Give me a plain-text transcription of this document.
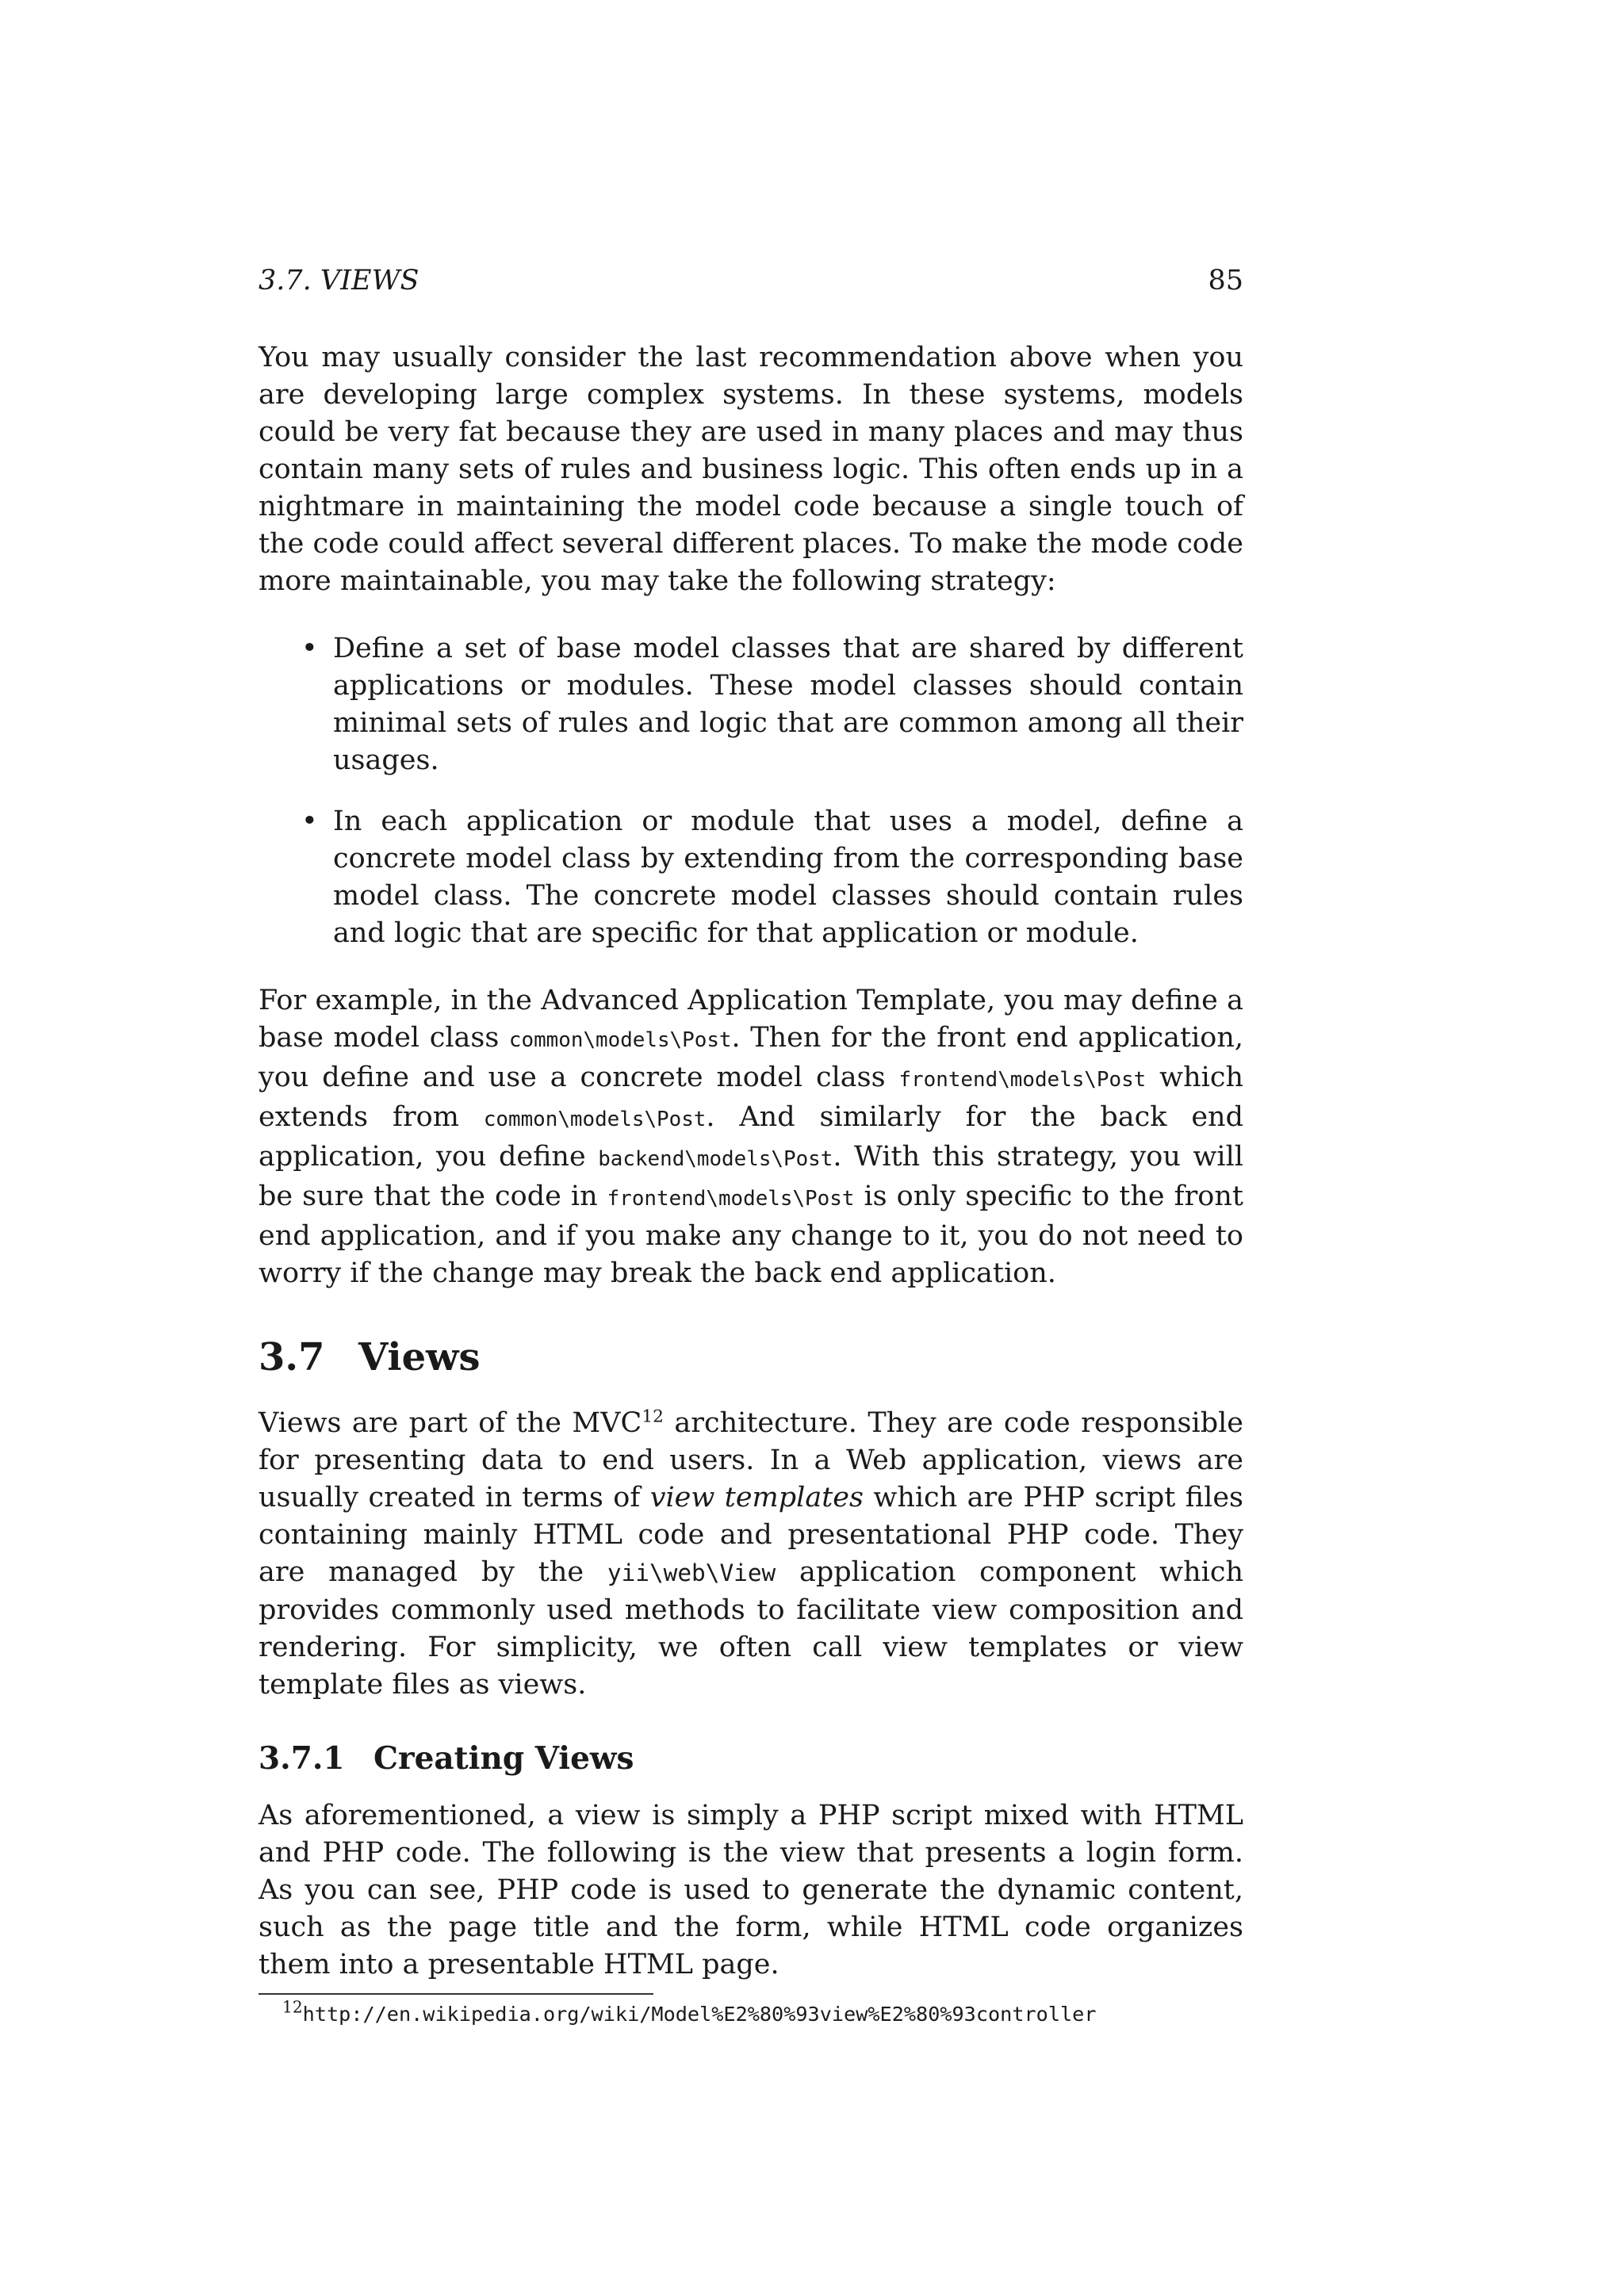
3.7. VIEWS	85

You may usually consider the last recommendation above when you are developing large complex systems. In these systems, models could be very fat because they are used in many places and may thus contain many sets of rules and business logic. This often ends up in a nightmare in maintaining the model code because a single touch of the code could affect several different places. To make the mode code more maintainable, you may take the following strategy:

• Define a set of base model classes that are shared by different applications or modules. These model classes should contain minimal sets of rules and logic that are common among all their usages.
• In each application or module that uses a model, define a concrete model class by extending from the corresponding base model class. The concrete model classes should contain rules and logic that are specific for that application or module.

For example, in the Advanced Application Template, you may define a base model class common\models\Post. Then for the front end application, you define and use a concrete model class frontend\models\Post which extends from common\models\Post. And similarly for the back end application, you define backend\models\Post. With this strategy, you will be sure that the code in frontend\models\Post is only specific to the front end application, and if you make any change to it, you do not need to worry if the change may break the back end application.

3.7 Views

Views are part of the MVC$^{12}$ architecture. They are code responsible for presenting data to end users. In a Web application, views are usually created in terms of view templates which are PHP script files containing mainly HTML code and presentational PHP code. They are managed by the yii\web\View application component which provides commonly used methods to facilitate view composition and rendering. For simplicity, we often call view templates or view template files as views.

3.7.1 Creating Views

As aforementioned, a view is simply a PHP script mixed with HTML and PHP code. The following is the view that presents a login form. As you can see, PHP code is used to generate the dynamic content, such as the page title and the form, while HTML code organizes them into a presentable HTML page.

$^{12}$http://en.wikipedia.org/wiki/Model%E2%80%93view%E2%80%93controller
